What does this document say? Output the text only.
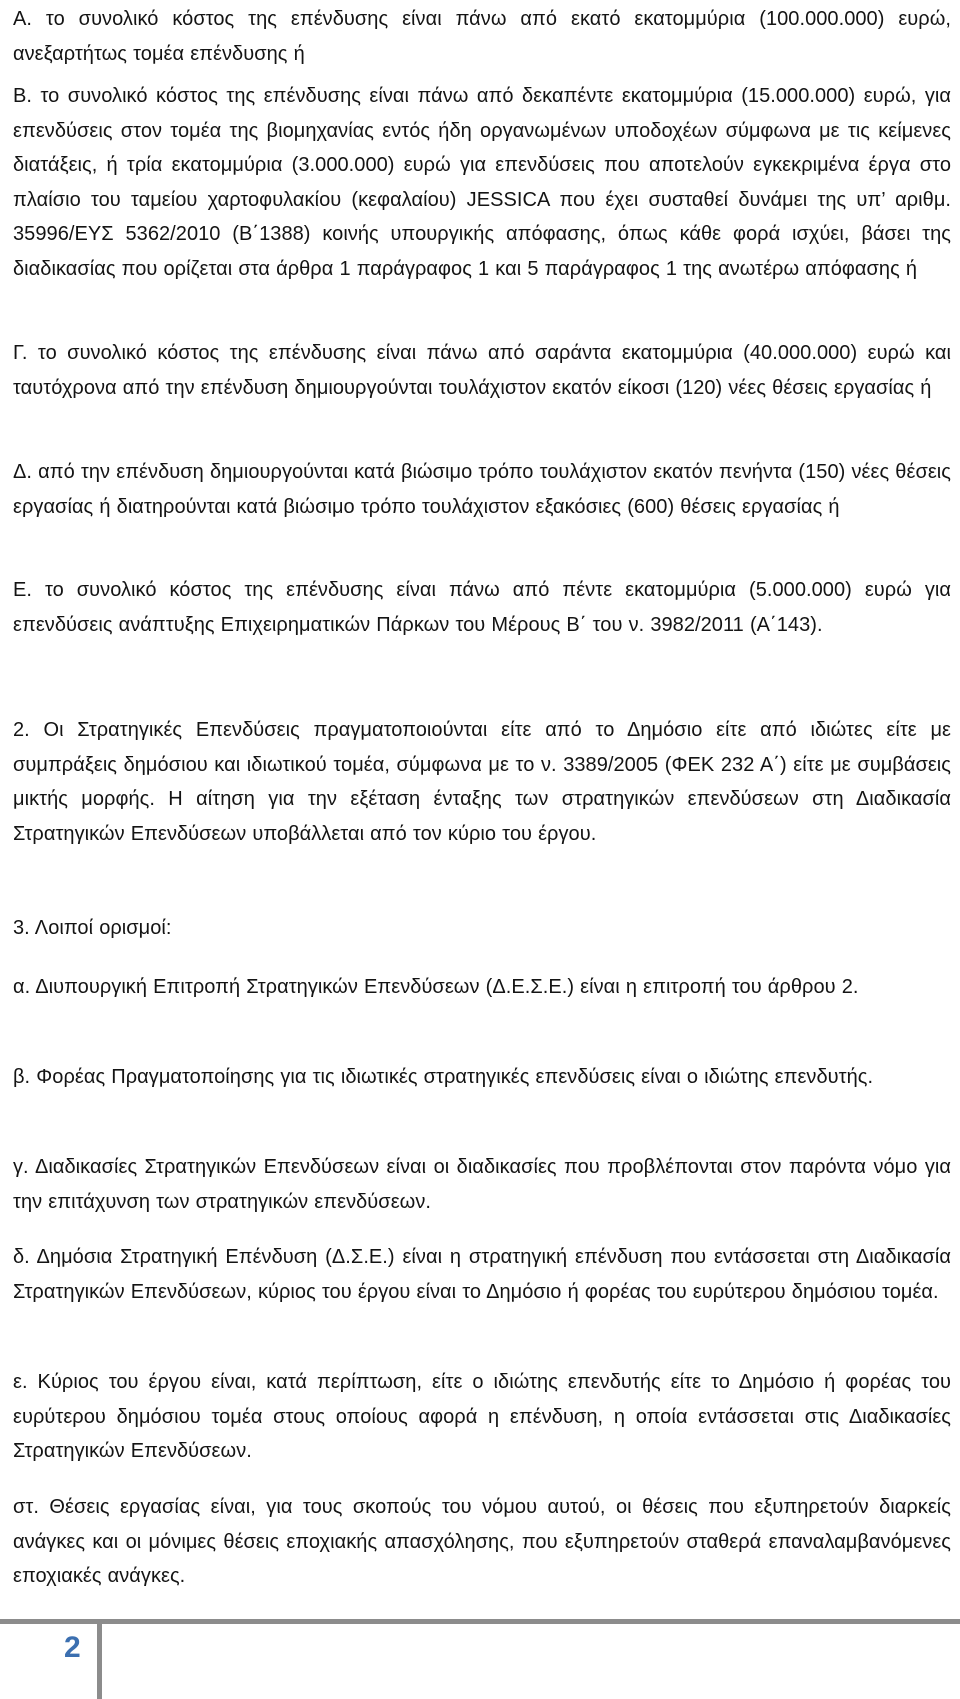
Α. το συνολικό κόστος της επένδυσης είναι πάνω από εκατό εκατομμύρια (100.000.000) ευρώ, ανεξαρτήτως τομέα επένδυσης ή

Β. το συνολικό κόστος της επένδυσης είναι πάνω από δεκαπέντε εκατομμύρια (15.000.000) ευρώ, για επενδύσεις στον τομέα της βιομηχανίας εντός ήδη οργανωμένων υποδοχέων σύμφωνα με τις κείμενες διατάξεις, ή τρία εκατομμύρια (3.000.000) ευρώ για επενδύσεις που αποτελούν εγκεκριμένα έργα στο πλαίσιο του ταμείου χαρτοφυλακίου (κεφαλαίου) JESSICA που έχει συσταθεί δυνάμει της υπ’ αριθμ. 35996/ΕΥΣ 5362/2010 (Β΄1388) κοινής υπουργικής απόφασης, όπως κάθε φορά ισχύει, βάσει της διαδικασίας που ορίζεται στα άρθρα 1 παράγραφος 1 και 5 παράγραφος 1 της ανωτέρω απόφασης ή

Γ. το συνολικό κόστος της επένδυσης είναι πάνω από σαράντα εκατομμύρια (40.000.000) ευρώ και ταυτόχρονα από την επένδυση δημιουργούνται τουλάχιστον εκατόν είκοσι (120) νέες θέσεις εργασίας ή

Δ. από την επένδυση δημιουργούνται κατά βιώσιμο τρόπο τουλάχιστον εκατόν πενήντα (150) νέες θέσεις εργασίας ή διατηρούνται κατά βιώσιμο τρόπο τουλάχιστον εξακόσιες (600) θέσεις εργασίας ή

Ε. το συνολικό κόστος της επένδυσης είναι πάνω από πέντε εκατομμύρια (5.000.000) ευρώ για επενδύσεις ανάπτυξης Επιχειρηματικών Πάρκων του Μέρους Β΄ του ν. 3982/2011 (Α΄143).

2. Οι Στρατηγικές Επενδύσεις πραγματοποιούνται είτε από το Δημόσιο είτε από ιδιώτες είτε με συμπράξεις δημόσιου και ιδιωτικού τομέα, σύμφωνα με το ν. 3389/2005 (ΦΕΚ 232 Α΄) είτε με συμβάσεις μικτής μορφής. Η αίτηση για την εξέταση ένταξης των στρατηγικών επενδύσεων στη Διαδικασία Στρατηγικών Επενδύσεων υποβάλλεται από τον κύριο του έργου.

3. Λοιποί ορισμοί:

α. Διυπουργική Επιτροπή Στρατηγικών Επενδύσεων (Δ.Ε.Σ.Ε.) είναι η επιτροπή του άρθρου 2.

β. Φορέας Πραγματοποίησης για τις ιδιωτικές στρατηγικές επενδύσεις είναι ο ιδιώτης επενδυτής.

γ. Διαδικασίες Στρατηγικών Επενδύσεων είναι οι διαδικασίες που προβλέπονται στον παρόντα νόμο για την επιτάχυνση των στρατηγικών επενδύσεων.

δ. Δημόσια Στρατηγική Επένδυση (Δ.Σ.Ε.) είναι η στρατηγική επένδυση που εντάσσεται στη Διαδικασία Στρατηγικών Επενδύσεων, κύριος του έργου είναι το Δημόσιο ή φορέας του ευρύτερου δημόσιου τομέα.

ε. Κύριος του έργου είναι, κατά περίπτωση, είτε ο ιδιώτης επενδυτής είτε το Δημόσιο ή φορέας του ευρύτερου δημόσιου τομέα στους οποίους αφορά η επένδυση, η οποία εντάσσεται στις Διαδικασίες Στρατηγικών Επενδύσεων.

στ. Θέσεις εργασίας είναι, για τους σκοπούς του νόμου αυτού, οι θέσεις που εξυπηρετούν διαρκείς ανάγκες και οι μόνιμες θέσεις εποχιακής απασχόλησης, που εξυπηρετούν σταθερά επαναλαμβανόμενες εποχιακές ανάγκες.

2
